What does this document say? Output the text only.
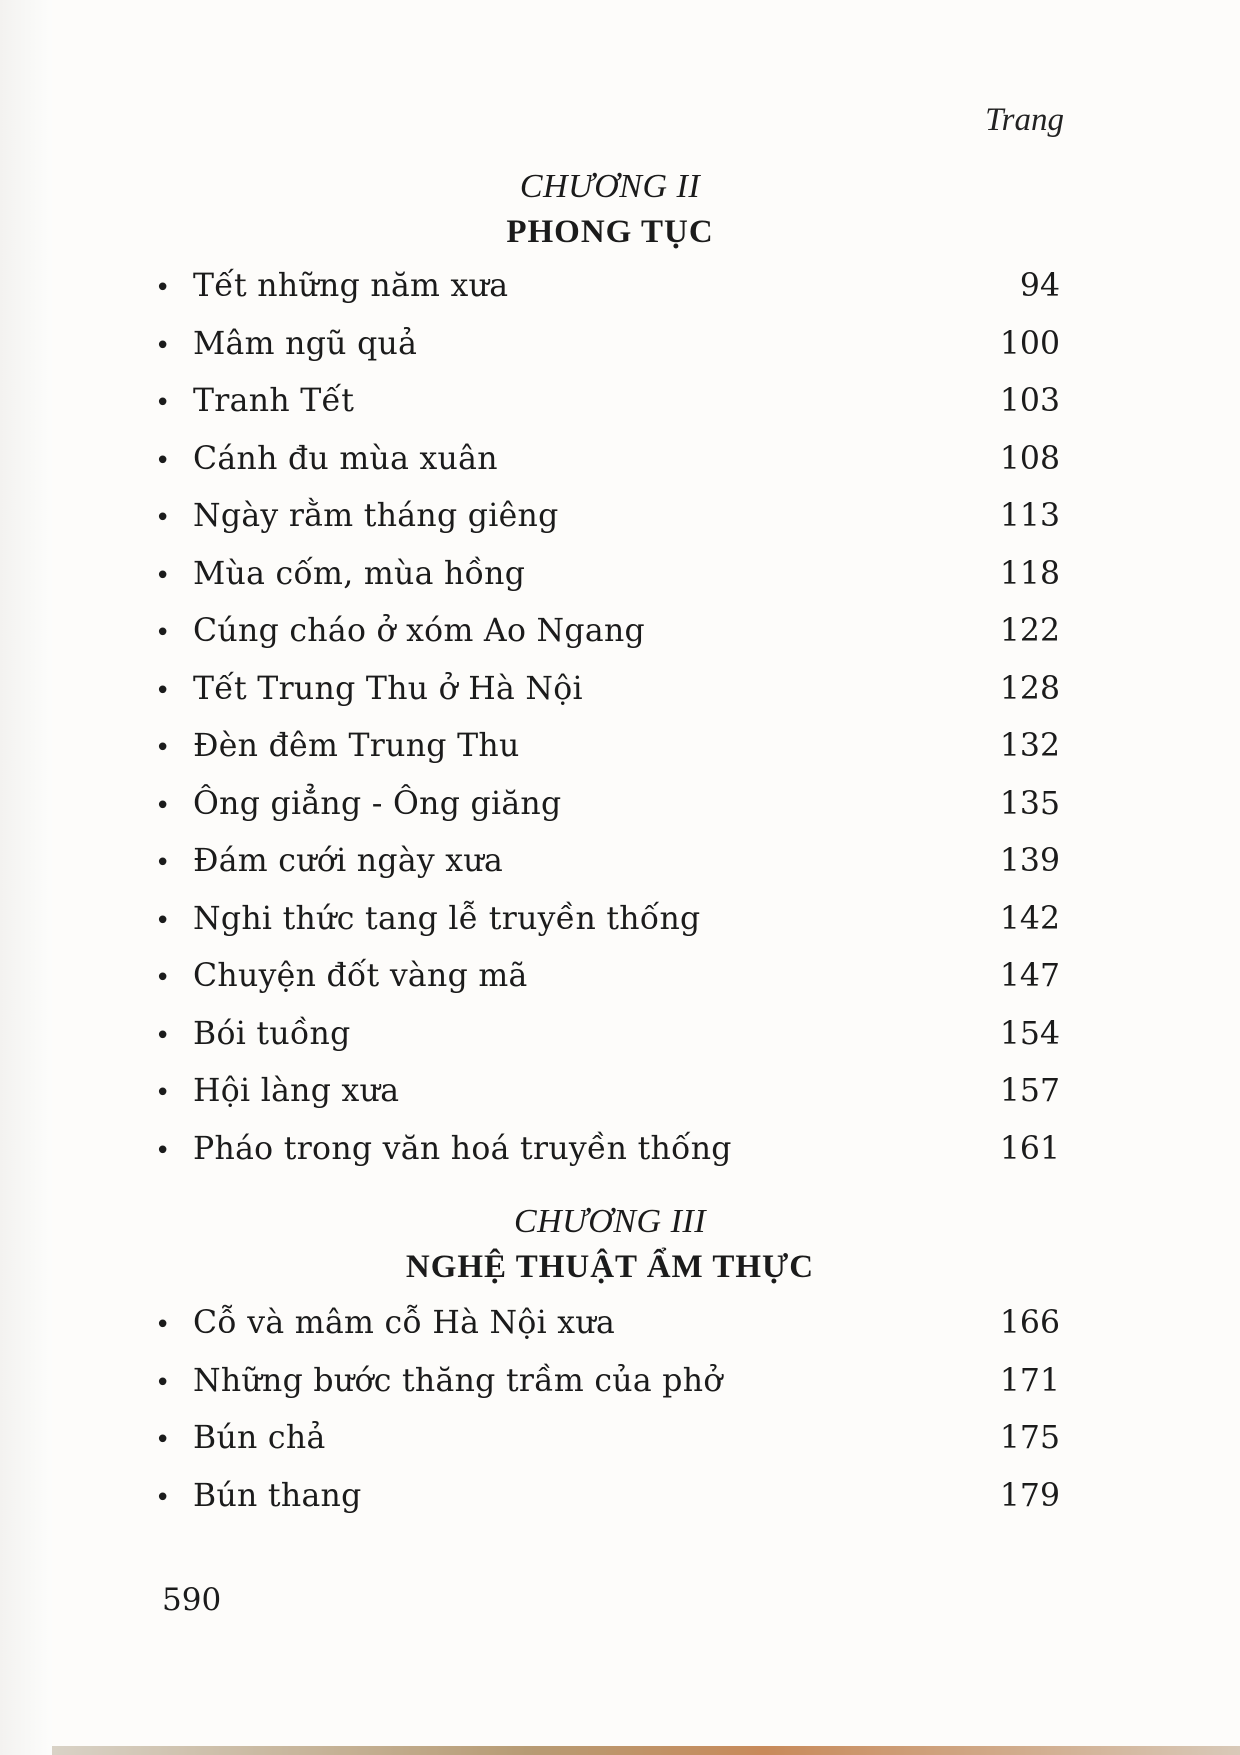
Trang
CHƯƠNG II
PHONG TỤC
• Tết những năm xưa	94
• Mâm ngũ quả	100
• Tranh Tết	103
• Cánh đu mùa xuân	108
• Ngày rằm tháng giêng	113
• Mùa cốm, mùa hồng	118
• Cúng cháo ở xóm Ao Ngang	122
• Tết Trung Thu ở Hà Nội	128
• Đèn đêm Trung Thu	132
• Ông giẳng - Ông giăng	135
• Đám cưới ngày xưa	139
• Nghi thức tang lễ truyền thống	142
• Chuyện đốt vàng mã	147
• Bói tuồng	154
• Hội làng xưa	157
• Pháo trong văn hoá truyền thống	161
CHƯƠNG III
NGHỆ THUẬT ẨM THỰC
• Cỗ và mâm cỗ Hà Nội xưa	166
• Những bước thăng trầm của phở	171
• Bún chả	175
• Bún thang	179
590
